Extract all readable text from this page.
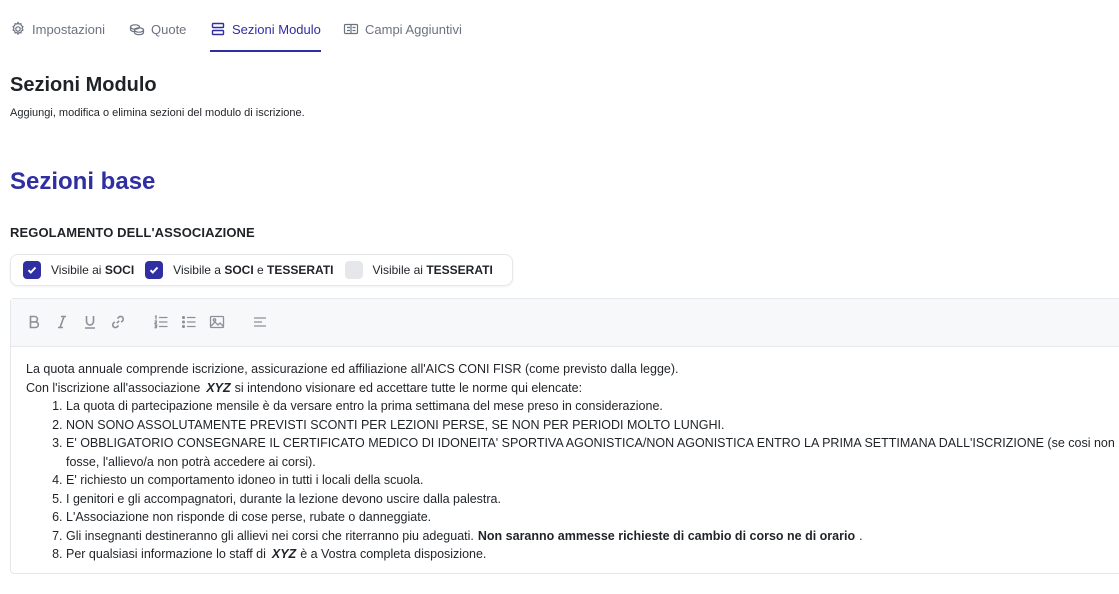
Impostazioni	Quote	Sezioni Modulo	Campi Aggiuntivi
Sezioni Modulo
Aggiungi, modifica o elimina sezioni del modulo di iscrizione.
Sezioni base
REGOLAMENTO DELL'ASSOCIAZIONE
Visibile ai SOCI	Visibile a SOCI e TESSERATI	Visibile ai TESSERATI
La quota annuale comprende iscrizione, assicurazione ed affiliazione all'AICS CONI FISR (come previsto dalla legge).
Con l'iscrizione all'associazione XYZ si intendono visionare ed accettare tutte le norme qui elencate:
1. La quota di partecipazione mensile è da versare entro la prima settimana del mese preso in considerazione.
2. NON SONO ASSOLUTAMENTE PREVISTI SCONTI PER LEZIONI PERSE, SE NON PER PERIODI MOLTO LUNGHI.
3. E' OBBLIGATORIO CONSEGNARE IL CERTIFICATO MEDICO DI IDONEITA' SPORTIVA AGONISTICA/NON AGONISTICA ENTRO LA PRIMA SETTIMANA DALL'ISCRIZIONE (se cosi non fosse, l'allievo/a non potrà accedere ai corsi).
4. E' richiesto un comportamento idoneo in tutti i locali della scuola.
5. I genitori e gli accompagnatori, durante la lezione devono uscire dalla palestra.
6. L'Associazione non risponde di cose perse, rubate o danneggiate.
7. Gli insegnanti destineranno gli allievi nei corsi che riterranno piu adeguati. Non saranno ammesse richieste di cambio di corso ne di orario .
8. Per qualsiasi informazione lo staff di XYZ è a Vostra completa disposizione.
